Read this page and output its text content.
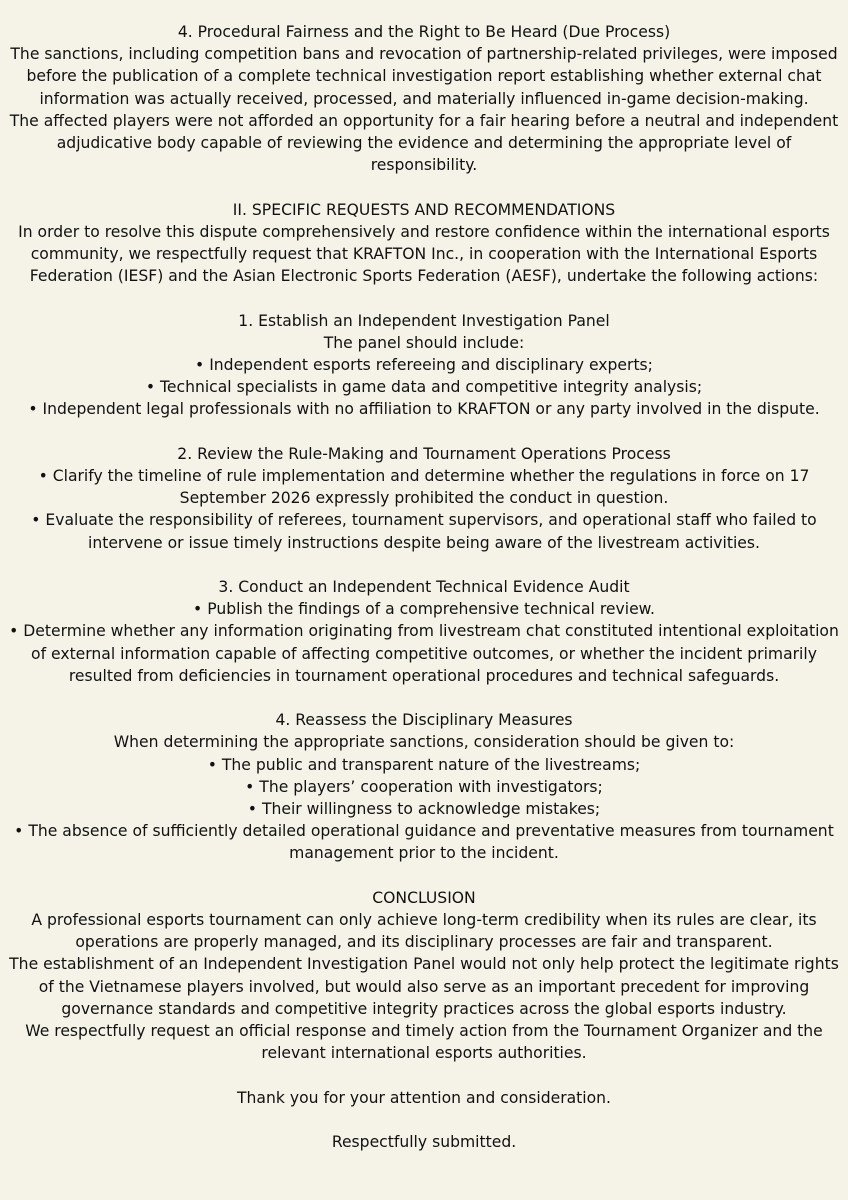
4. Procedural Fairness and the Right to Be Heard (Due Process)

The sanctions, including competition bans and revocation of partnership-related privileges, were imposed before the publication of a complete technical investigation report establishing whether external chat information was actually received, processed, and materially influenced in-game decision-making.

The affected players were not afforded an opportunity for a fair hearing before a neutral and independent adjudicative body capable of reviewing the evidence and determining the appropriate level of responsibility.

II. SPECIFIC REQUESTS AND RECOMMENDATIONS

In order to resolve this dispute comprehensively and restore confidence within the international esports community, we respectfully request that KRAFTON Inc., in cooperation with the International Esports Federation (IESF) and the Asian Electronic Sports Federation (AESF), undertake the following actions:

1. Establish an Independent Investigation Panel

The panel should include:

• Independent esports refereeing and disciplinary experts;

• Technical specialists in game data and competitive integrity analysis;

• Independent legal professionals with no affiliation to KRAFTON or any party involved in the dispute.

2. Review the Rule-Making and Tournament Operations Process

• Clarify the timeline of rule implementation and determine whether the regulations in force on 17 September 2026 expressly prohibited the conduct in question.

• Evaluate the responsibility of referees, tournament supervisors, and operational staff who failed to intervene or issue timely instructions despite being aware of the livestream activities.

3. Conduct an Independent Technical Evidence Audit

• Publish the findings of a comprehensive technical review.

• Determine whether any information originating from livestream chat constituted intentional exploitation of external information capable of affecting competitive outcomes, or whether the incident primarily resulted from deficiencies in tournament operational procedures and technical safeguards.

4. Reassess the Disciplinary Measures

When determining the appropriate sanctions, consideration should be given to:

• The public and transparent nature of the livestreams;

• The players’ cooperation with investigators;

• Their willingness to acknowledge mistakes;

• The absence of sufficiently detailed operational guidance and preventative measures from tournament management prior to the incident.

CONCLUSION

A professional esports tournament can only achieve long-term credibility when its rules are clear, its operations are properly managed, and its disciplinary processes are fair and transparent.

The establishment of an Independent Investigation Panel would not only help protect the legitimate rights of the Vietnamese players involved, but would also serve as an important precedent for improving governance standards and competitive integrity practices across the global esports industry.

We respectfully request an official response and timely action from the Tournament Organizer and the relevant international esports authorities.

Thank you for your attention and consideration.

Respectfully submitted.
